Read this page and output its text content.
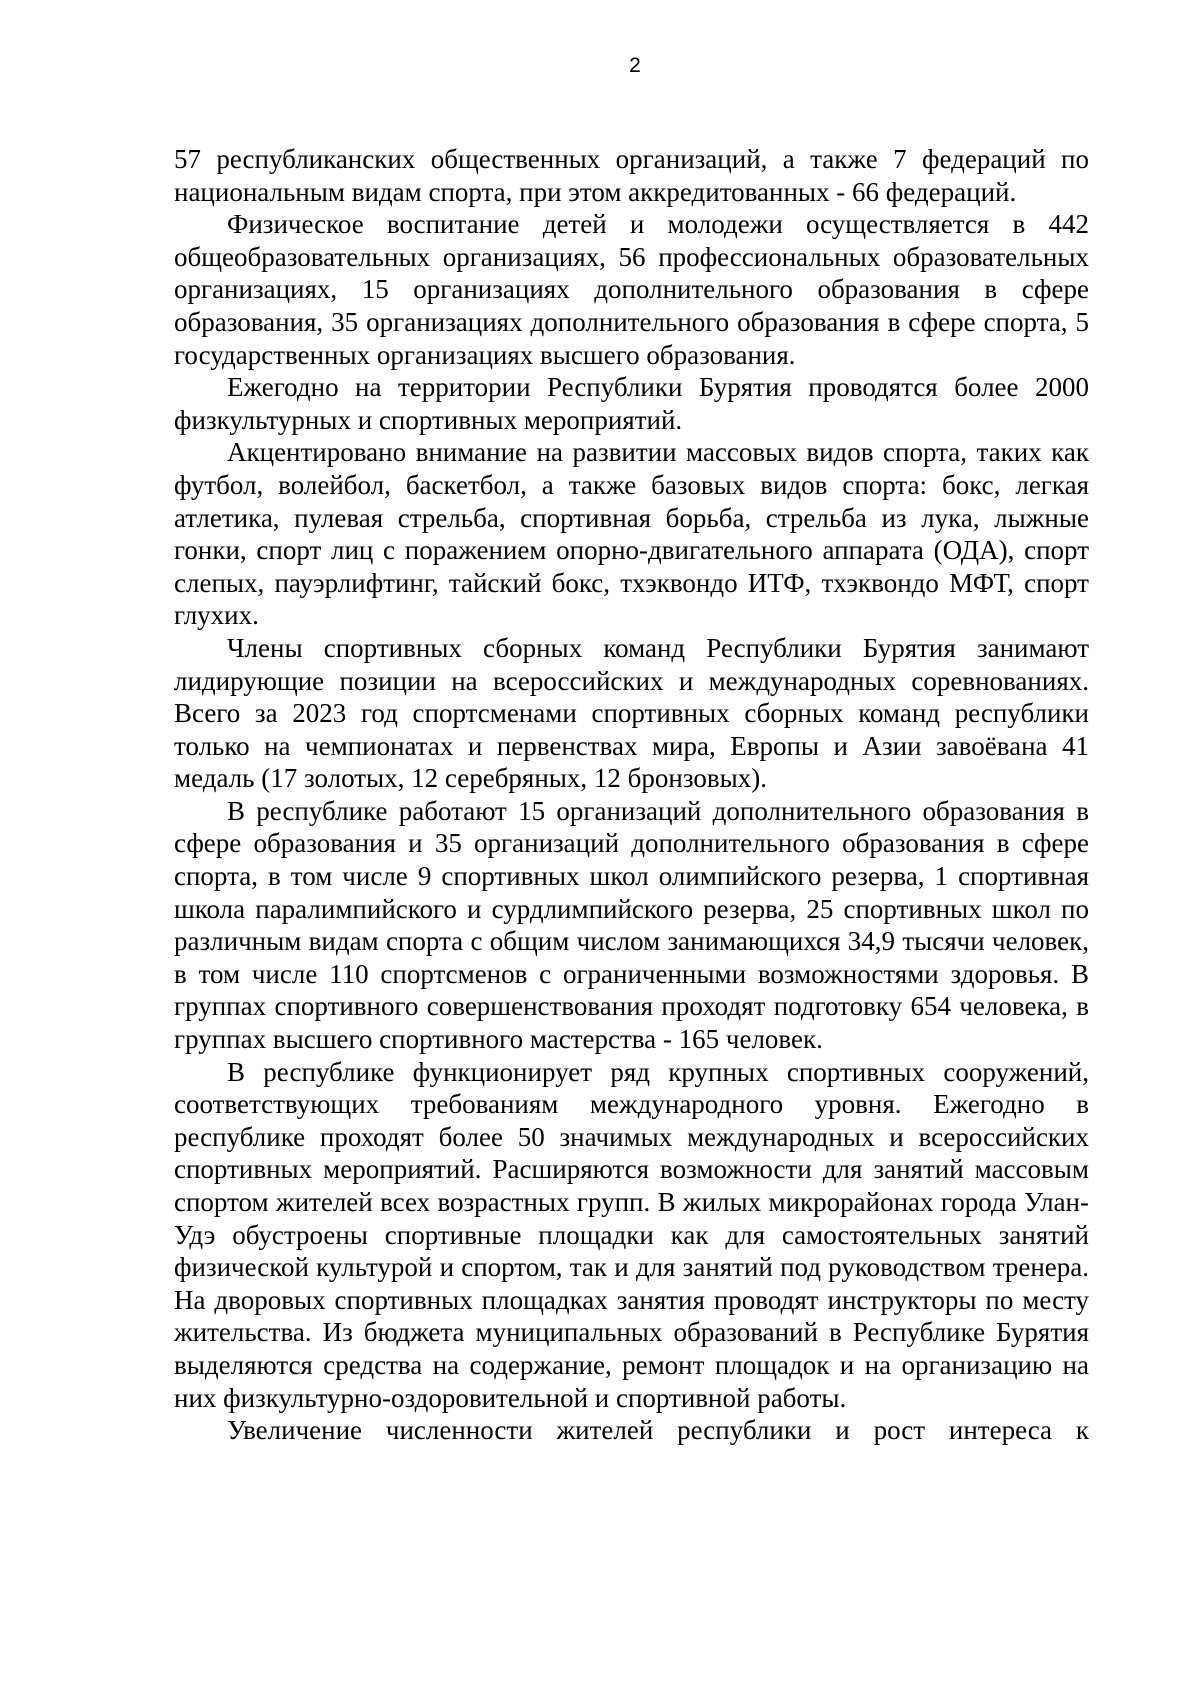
2

57 республиканских общественных организаций, а также 7 федераций по национальным видам спорта, при этом аккредитованных - 66 федераций.

Физическое воспитание детей и молодежи осуществляется в 442 общеобразовательных организациях, 56 профессиональных образовательных организациях, 15 организациях дополнительного образования в сфере образования, 35 организациях дополнительного образования в сфере спорта, 5 государственных организациях высшего образования.

Ежегодно на территории Республики Бурятия проводятся более 2000 физкультурных и спортивных мероприятий.

Акцентировано внимание на развитии массовых видов спорта, таких как футбол, волейбол, баскетбол, а также базовых видов спорта: бокс, легкая атлетика, пулевая стрельба, спортивная борьба, стрельба из лука, лыжные гонки, спорт лиц с поражением опорно-двигательного аппарата (ОДА), спорт слепых, пауэрлифтинг, тайский бокс, тхэквондо ИТФ, тхэквондо МФТ, спорт глухих.

Члены спортивных сборных команд Республики Бурятия занимают лидирующие позиции на всероссийских и международных соревнованиях. Всего за 2023 год спортсменами спортивных сборных команд республики только на чемпионатах и первенствах мира, Европы и Азии завоёвана 41 медаль (17 золотых, 12 серебряных, 12 бронзовых).

В республике работают 15 организаций дополнительного образования в сфере образования и 35 организаций дополнительного образования в сфере спорта, в том числе 9 спортивных школ олимпийского резерва, 1 спортивная школа паралимпийского и сурдлимпийского резерва, 25 спортивных школ по различным видам спорта с общим числом занимающихся 34,9 тысячи человек, в том числе 110 спортсменов с ограниченными возможностями здоровья. В группах спортивного совершенствования проходят подготовку 654 человека, в группах высшего спортивного мастерства - 165 человек.

В республике функционирует ряд крупных спортивных сооружений, соответствующих требованиям международного уровня. Ежегодно в республике проходят более 50 значимых международных и всероссийских спортивных мероприятий. Расширяются возможности для занятий массовым спортом жителей всех возрастных групп. В жилых микрорайонах города Улан-Удэ обустроены спортивные площадки как для самостоятельных занятий физической культурой и спортом, так и для занятий под руководством тренера. На дворовых спортивных площадках занятия проводят инструкторы по месту жительства. Из бюджета муниципальных образований в Республике Бурятия выделяются средства на содержание, ремонт площадок и на организацию на них физкультурно-оздоровительной и спортивной работы.

Увеличение численности жителей республики и рост интереса к
